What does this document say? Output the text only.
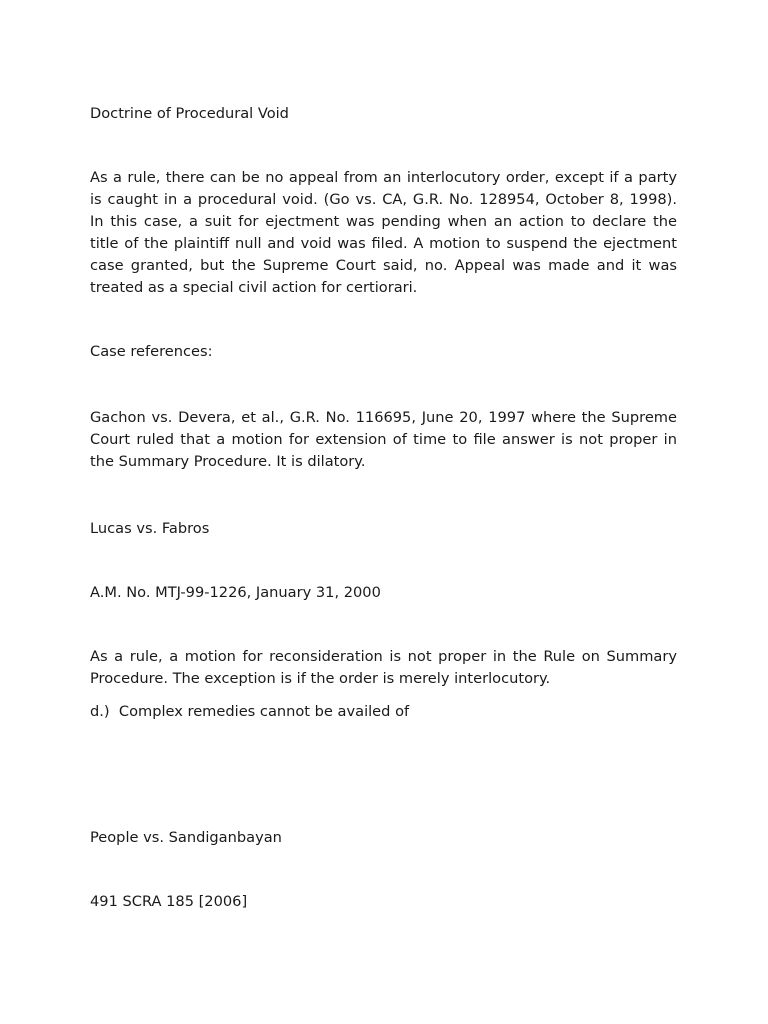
Doctrine of Procedural Void

As a rule, there can be no appeal from an interlocutory order, except if a party is caught in a procedural void. (Go vs. CA, G.R. No. 128954, October 8, 1998). In this case, a suit for ejectment was pending when an action to declare the title of the plaintiff null and void was filed. A motion to suspend the ejectment case granted, but the Supreme Court said, no. Appeal was made and it was treated as a special civil action for certiorari.

Case references:

Gachon vs. Devera, et al., G.R. No. 116695, June 20, 1997 where the Supreme Court ruled that a motion for extension of time to file answer is not proper in the Summary Procedure. It is dilatory.

Lucas vs. Fabros

A.M. No. MTJ-99-1226, January 31, 2000

As a rule, a motion for reconsideration is not proper in the Rule on Summary Procedure. The exception is if the order is merely interlocutory.

d.)  Complex remedies cannot be availed of

People vs. Sandiganbayan

491 SCRA 185 [2006]
